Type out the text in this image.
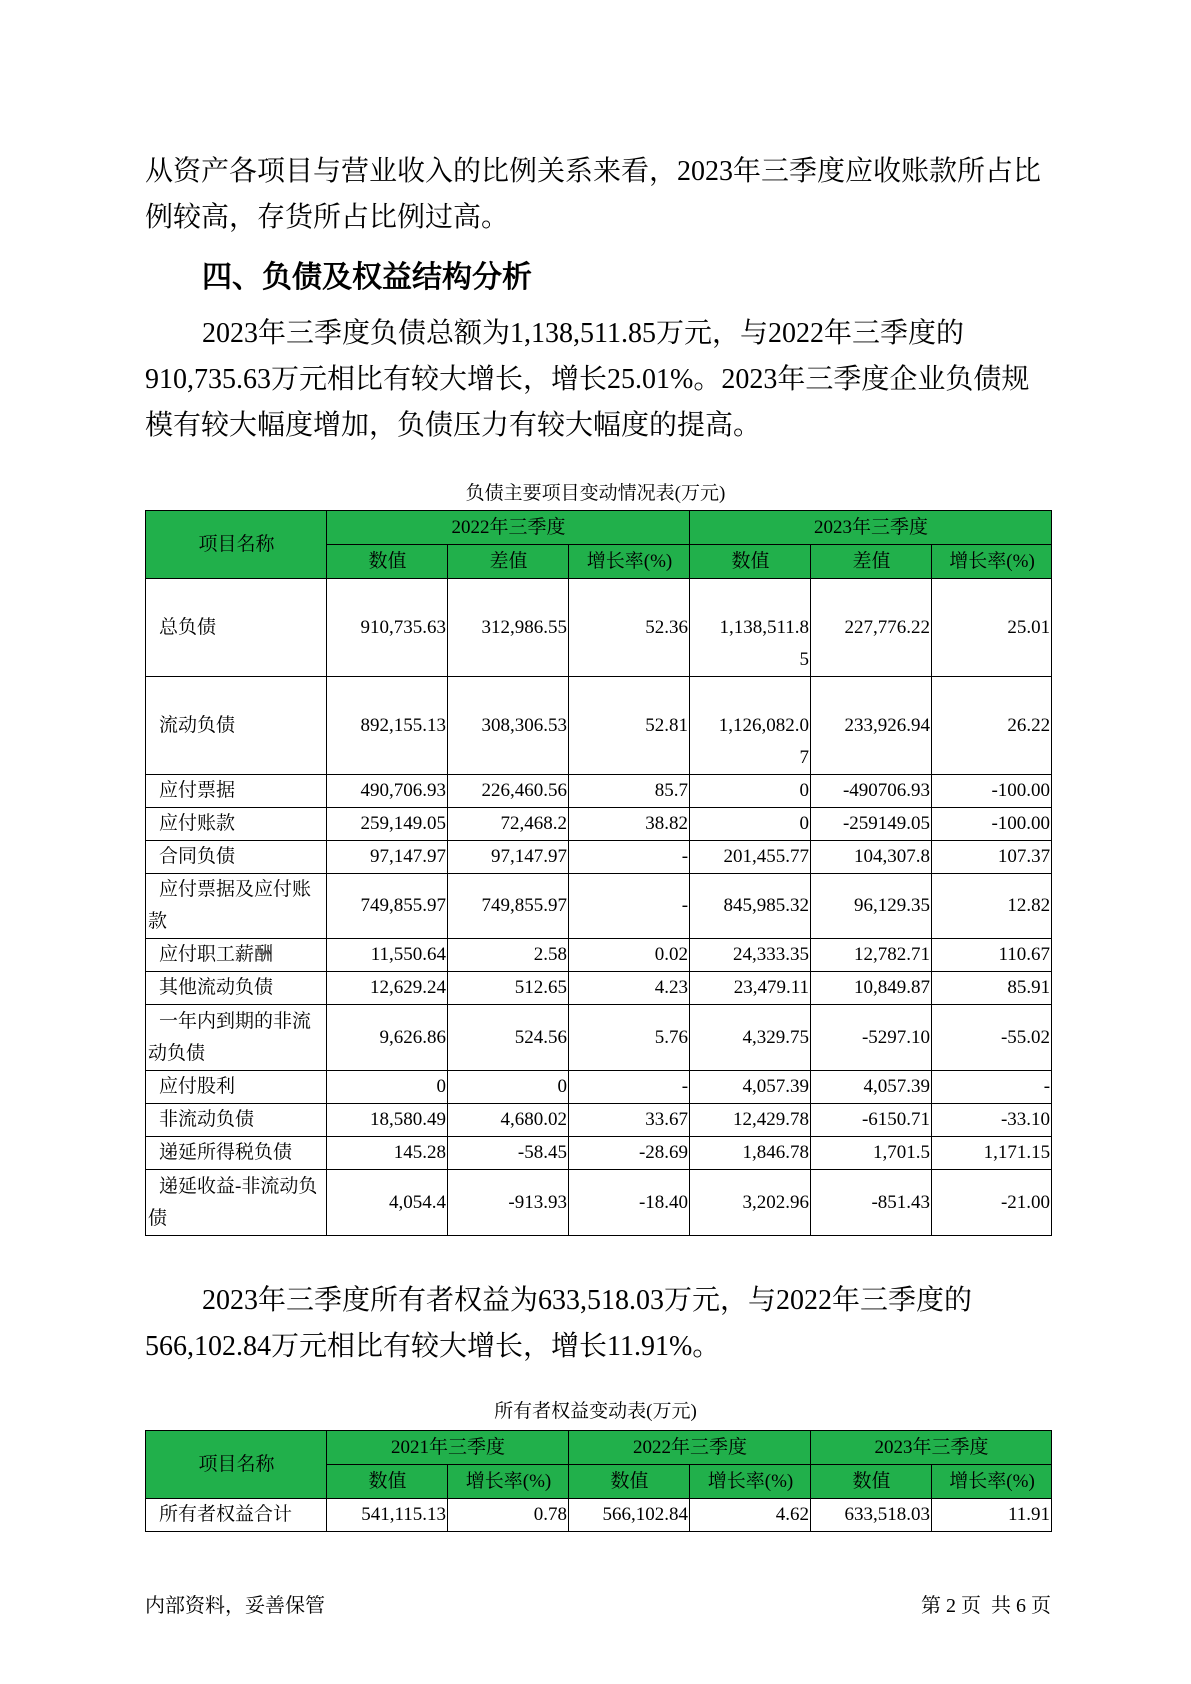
从资产各项目与营业收入的比例关系来看，2023年三季度应收账款所占比例较高，存货所占比例过高。

四、负债及权益结构分析

2023年三季度负债总额为1,138,511.85万元，与2022年三季度的910,735.63万元相比有较大增长，增长25.01%。2023年三季度企业负债规模有较大幅度增加，负债压力有较大幅度的提高。

负债主要项目变动情况表(万元)

项目名称	2022年三季度			2023年三季度		
	数值	差值	增长率(%)	数值	差值	增长率(%)
总负债	910,735.63	312,986.55	52.36	1,138,511.85	227,776.22	25.01
流动负债	892,155.13	308,306.53	52.81	1,126,082.07	233,926.94	26.22
应付票据	490,706.93	226,460.56	85.7	0	-490706.93	-100.00
应付账款	259,149.05	72,468.2	38.82	0	-259149.05	-100.00
合同负债	97,147.97	97,147.97	-	201,455.77	104,307.8	107.37
应付票据及应付账款	749,855.97	749,855.97	-	845,985.32	96,129.35	12.82
应付职工薪酬	11,550.64	2.58	0.02	24,333.35	12,782.71	110.67
其他流动负债	12,629.24	512.65	4.23	23,479.11	10,849.87	85.91
一年内到期的非流动负债	9,626.86	524.56	5.76	4,329.75	-5297.10	-55.02
应付股利	0	0	-	4,057.39	4,057.39	-
非流动负债	18,580.49	4,680.02	33.67	12,429.78	-6150.71	-33.10
递延所得税负债	145.28	-58.45	-28.69	1,846.78	1,701.5	1,171.15
递延收益-非流动负债	4,054.4	-913.93	-18.40	3,202.96	-851.43	-21.00

2023年三季度所有者权益为633,518.03万元，与2022年三季度的566,102.84万元相比有较大增长，增长11.91%。

所有者权益变动表(万元)

项目名称	2021年三季度		2022年三季度		2023年三季度	
	数值	增长率(%)	数值	增长率(%)	数值	增长率(%)
所有者权益合计	541,115.13	0.78	566,102.84	4.62	633,518.03	11.91

内部资料，妥善保管	第 2 页  共 6 页
